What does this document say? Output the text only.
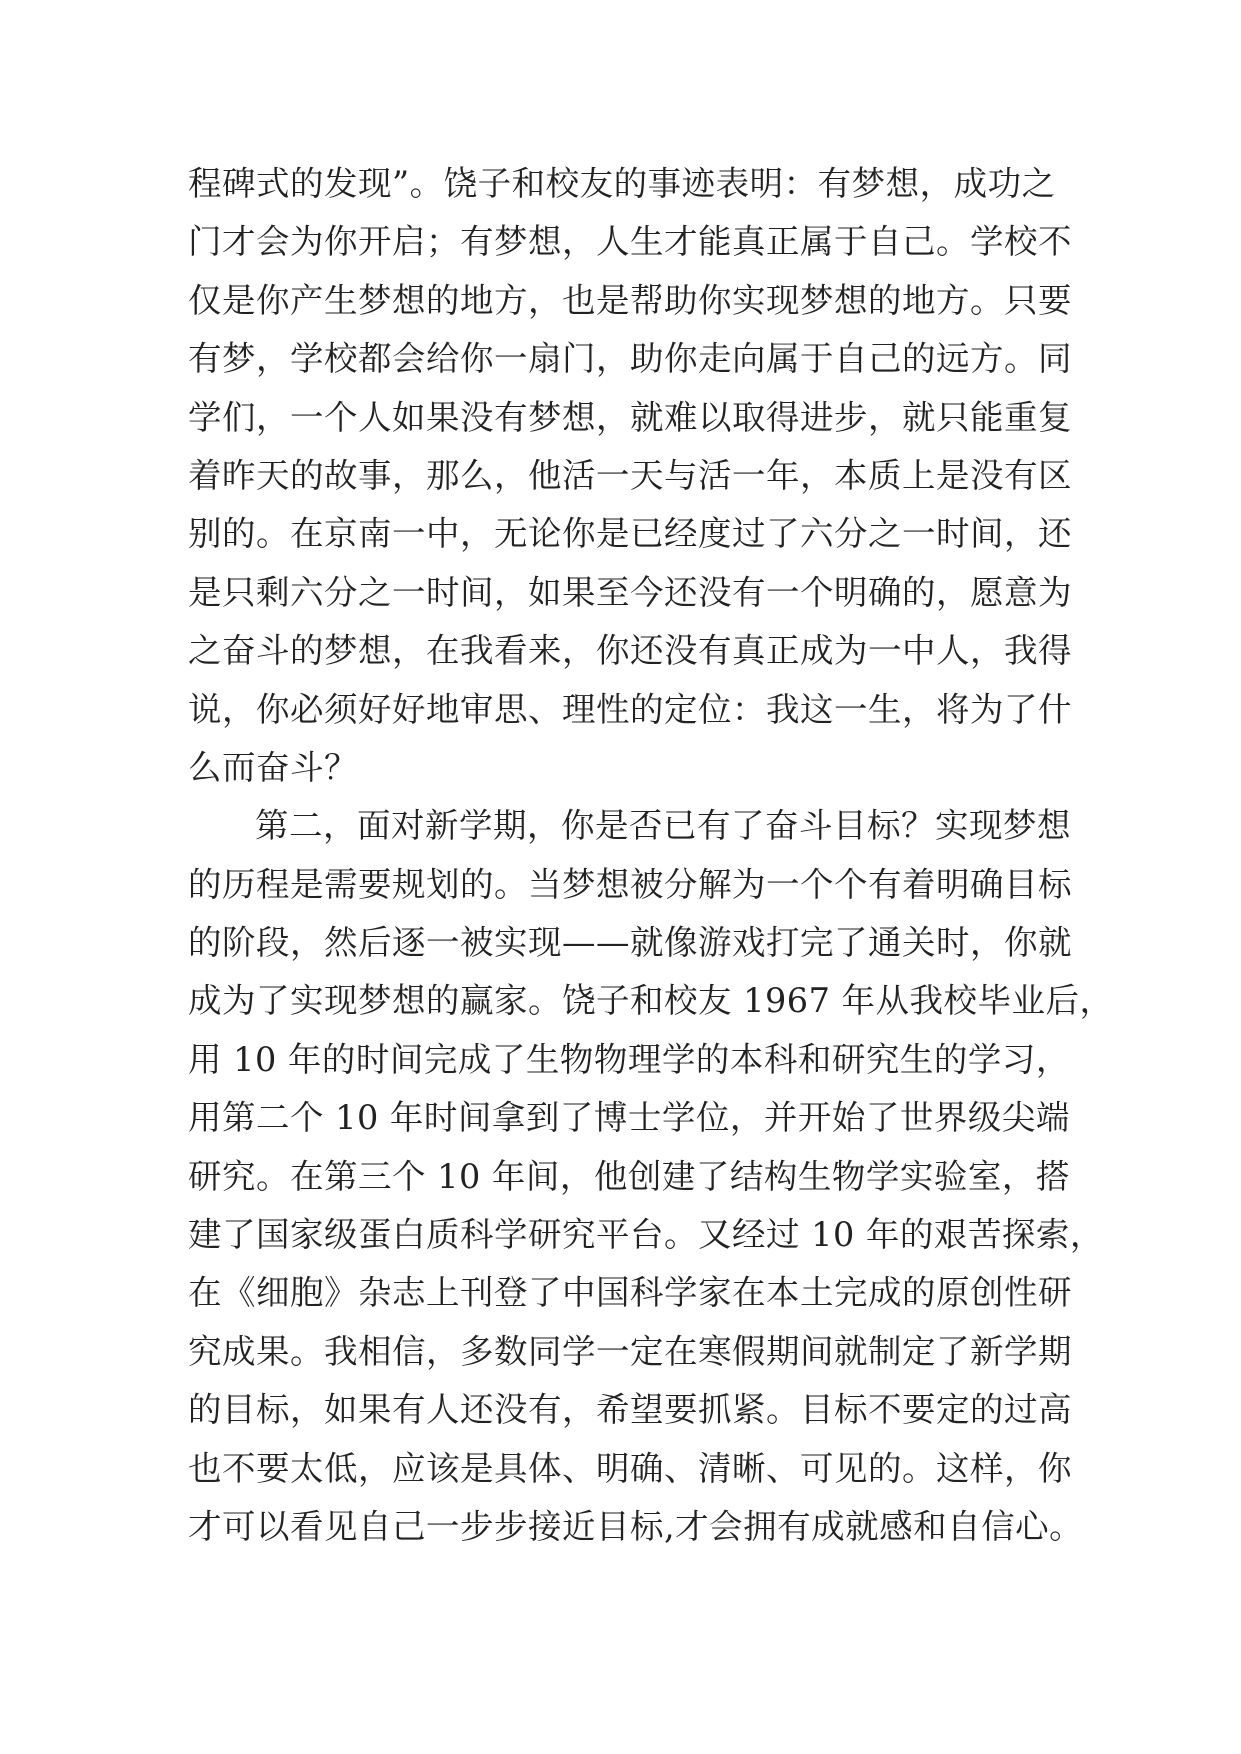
程碑式的发现”。饶子和校友的事迹表明：有梦想，成功之
门才会为你开启；有梦想，人生才能真正属于自己。学校不
仅是你产生梦想的地方，也是帮助你实现梦想的地方。只要
有梦，学校都会给你一扇门，助你走向属于自己的远方。同
学们，一个人如果没有梦想，就难以取得进步，就只能重复
着昨天的故事，那么，他活一天与活一年，本质上是没有区
别的。在京南一中，无论你是已经度过了六分之一时间，还
是只剩六分之一时间，如果至今还没有一个明确的，愿意为
之奋斗的梦想，在我看来，你还没有真正成为一中人，我得
说，你必须好好地审思、理性的定位：我这一生，将为了什
么而奋斗？
第二，面对新学期，你是否已有了奋斗目标？实现梦想
的历程是需要规划的。当梦想被分解为一个个有着明确目标
的阶段，然后逐一被实现——就像游戏打完了通关时，你就
成为了实现梦想的赢家。饶子和校友 1967 年从我校毕业后，
用 10 年的时间完成了生物物理学的本科和研究生的学习，
用第二个 10 年时间拿到了博士学位，并开始了世界级尖端
研究。在第三个 10 年间，他创建了结构生物学实验室，搭
建了国家级蛋白质科学研究平台。又经过 10 年的艰苦探索，
在《细胞》杂志上刊登了中国科学家在本土完成的原创性研
究成果。我相信，多数同学一定在寒假期间就制定了新学期
的目标，如果有人还没有，希望要抓紧。目标不要定的过高
也不要太低，应该是具体、明确、清晰、可见的。这样，你
才可以看见自己一步步接近目标,才会拥有成就感和自信心。
